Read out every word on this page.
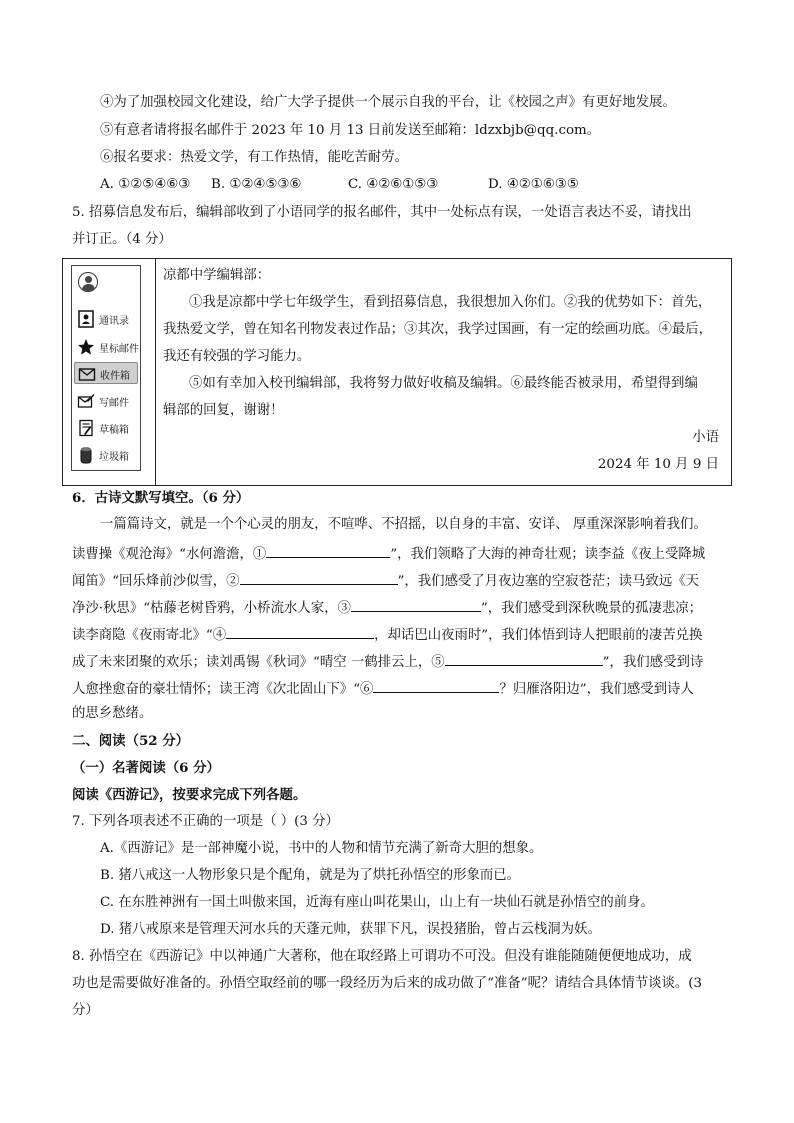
④为了加强校园文化建设，给广大学子提供一个展示自我的平台，让《校园之声》有更好地发展。
⑤有意者请将报名邮件于 2023 年 10 月 13 日前发送至邮箱：ldzxbjb@qq.com。
⑥报名要求：热爱文学，有工作热情，能吃苦耐劳。
A. ①②⑤④⑥③ B. ①②④⑤③⑥	C. ④②⑥①⑤③	D. ④②①⑥③⑤
5. 招募信息发布后，编辑部收到了小语同学的报名邮件，其中一处标点有误，一处语言表达不妥，请找出
并订正。（4 分）
通讯录
星标邮件
收件箱
写邮件
草稿箱
垃圾箱
凉都中学编辑部：
①我是凉都中学七年级学生，看到招募信息，我很想加入你们。②我的优势如下：首先，
我热爱文学，曾在知名刊物发表过作品；③其次，我学过国画，有一定的绘画功底。④最后，
我还有较强的学习能力。
⑤如有幸加入校刊编辑部，我将努力做好收稿及编辑。⑥最终能否被录用，希望得到编
辑部的回复，谢谢！
小语
2024 年 10 月 9 日
6．古诗文默写填空。（6 分）
一篇篇诗文，就是一个个心灵的朋友，不喧哗、不招摇，以自身的丰富、安详、 厚重深深影响着我们。
读曹操《观沧海》“水何澹澹，①	”，我们领略了大海的神奇壮观；读李益《夜上受降城
闻笛》“回乐烽前沙似雪，②	”，我们感受了月夜边塞的空寂苍茫；读马致远《天
净沙·秋思》“枯藤老树昏鸦，小桥流水人家，③	”，我们感受到深秋晚景的孤凄悲凉；
读李商隐《夜雨寄北》“④	，却话巴山夜雨时”，我们体悟到诗人把眼前的凄苦兑换
成了未来团聚的欢乐；读刘禹锡《秋词》“晴空 一鹤排云上，⑤	”，我们感受到诗
人愈挫愈奋的豪壮情怀；读王湾《次北固山下》“⑥	？归雁洛阳边”，我们感受到诗人
的思乡愁绪。
二、阅读（52 分）
（一）名著阅读（6 分）
阅读《西游记》，按要求完成下列各题。
7. 下列各项表述不正确的一项是（ ）(3 分）
A.《西游记》是一部神魔小说，书中的人物和情节充满了新奇大胆的想象。
B. 猪八戒这一人物形象只是个配角，就是为了烘托孙悟空的形象而已。
C. 在东胜神洲有一国土叫傲来国，近海有座山叫花果山，山上有一块仙石就是孙悟空的前身。
D. 猪八戒原来是管理天河水兵的天蓬元帅，获罪下凡，误投猪胎，曾占云栈洞为妖。
8. 孙悟空在《西游记》中以神通广大著称，他在取经路上可谓功不可没。但没有谁能随随便便地成功，成
功也是需要做好准备的。孙悟空取经前的哪一段经历为后来的成功做了“准备”呢？请结合具体情节谈谈。(3
分）
